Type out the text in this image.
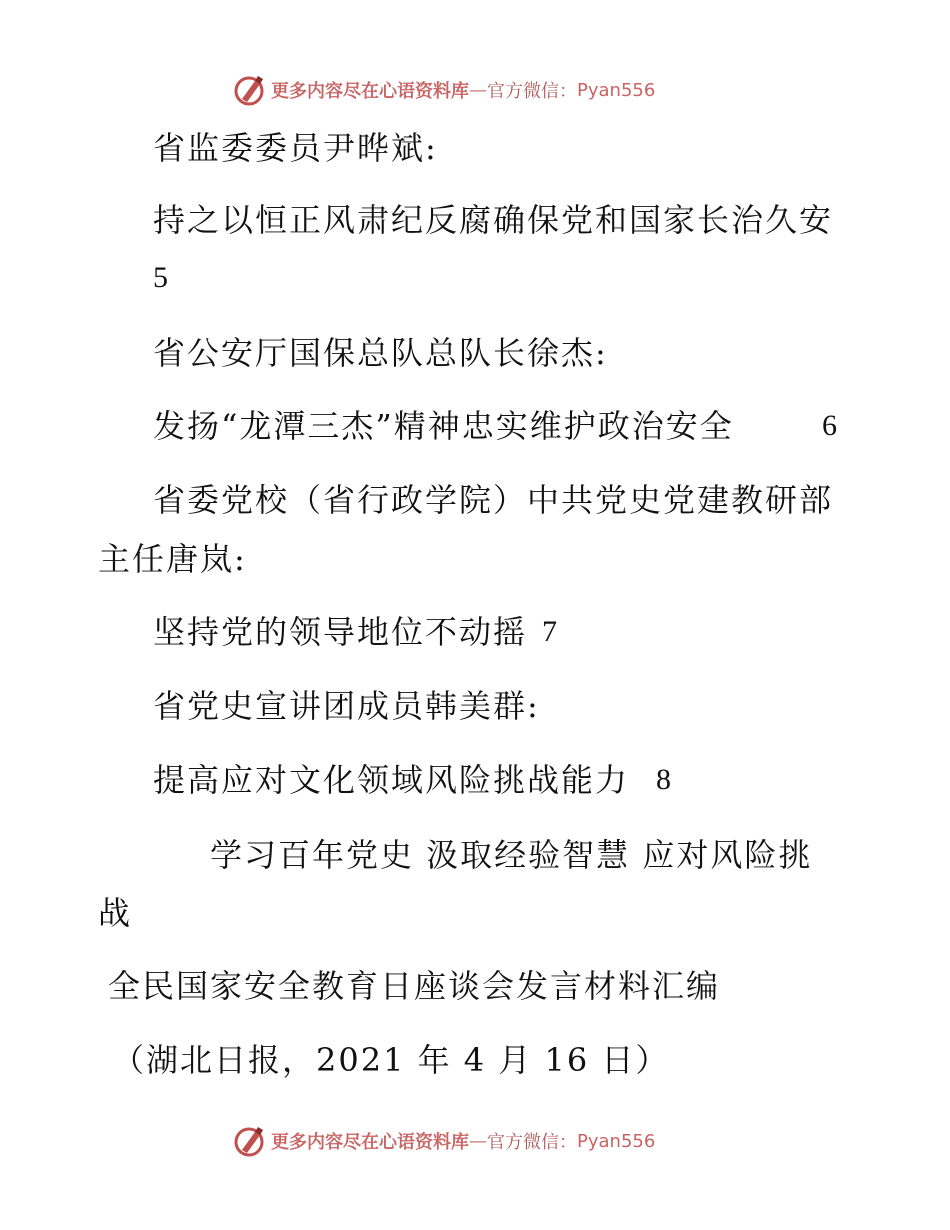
更多内容尽在心语资料库 — 官方微信： Pyan556
省监委委员尹晔斌:
持之以恒正风肃纪反腐确保党和国家长治久安
5
省公安厅国保总队总队长徐杰:
发扬“龙潭三杰”精神忠实维护政治安全	6
省委党校（省行政学院）中共党史党建教研部
主任唐岚:
坚持党的领导地位不动摇 7
省党史宣讲团成员韩美群:
提高应对文化领域风险挑战能力 8
学习百年党史 汲取经验智慧 应对风险挑
战
全民国家安全教育日座谈会发言材料汇编
（湖北日报，2021 年 4 月 16 日）
更多内容尽在心语资料库 — 官方微信： Pyan556
